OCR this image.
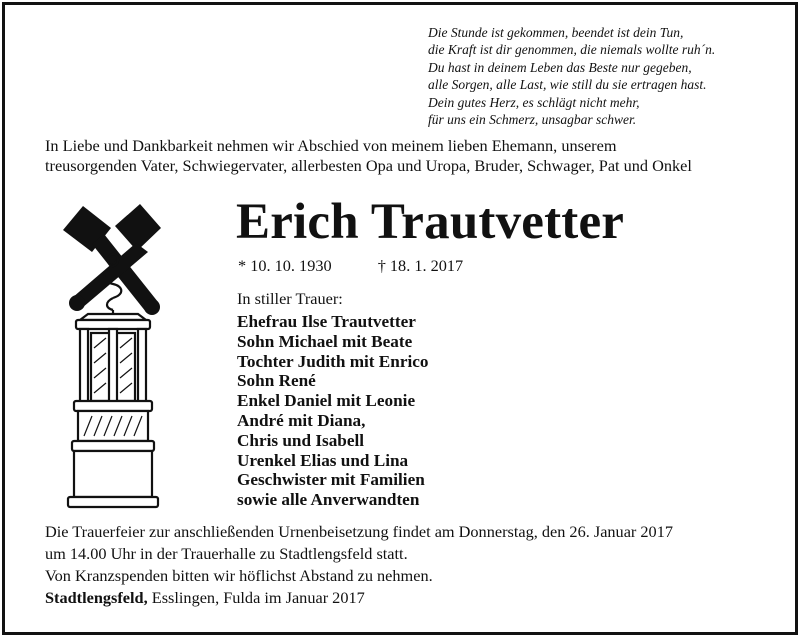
Die Stunde ist gekommen, beendet ist dein Tun,
die Kraft ist dir genommen, die niemals wollte ruh´n.
Du hast in deinem Leben das Beste nur gegeben,
alle Sorgen, alle Last, wie still du sie ertragen hast.
Dein gutes Herz, es schlägt nicht mehr,
für uns ein Schmerz, unsagbar schwer.
In Liebe und Dankbarkeit nehmen wir Abschied von meinem lieben Ehemann, unserem
treusorgenden Vater, Schwiegervater, allerbesten Opa und Uropa, Bruder, Schwager, Pat und Onkel
Erich Trautvetter
* 10. 10. 1930	† 18. 1. 2017
In stiller Trauer:
Ehefrau Ilse Trautvetter
Sohn Michael mit Beate
Tochter Judith mit Enrico
Sohn René
Enkel Daniel mit Leonie
André mit Diana,
Chris und Isabell
Urenkel Elias und Lina
Geschwister mit Familien
sowie alle Anverwandten
Die Trauerfeier zur anschließenden Urnenbeisetzung findet am Donnerstag, den 26. Januar 2017
um 14.00 Uhr in der Trauerhalle zu Stadtlengsfeld statt.
Von Kranzspenden bitten wir höflichst Abstand zu nehmen.
Stadtlengsfeld, Esslingen, Fulda im Januar 2017
